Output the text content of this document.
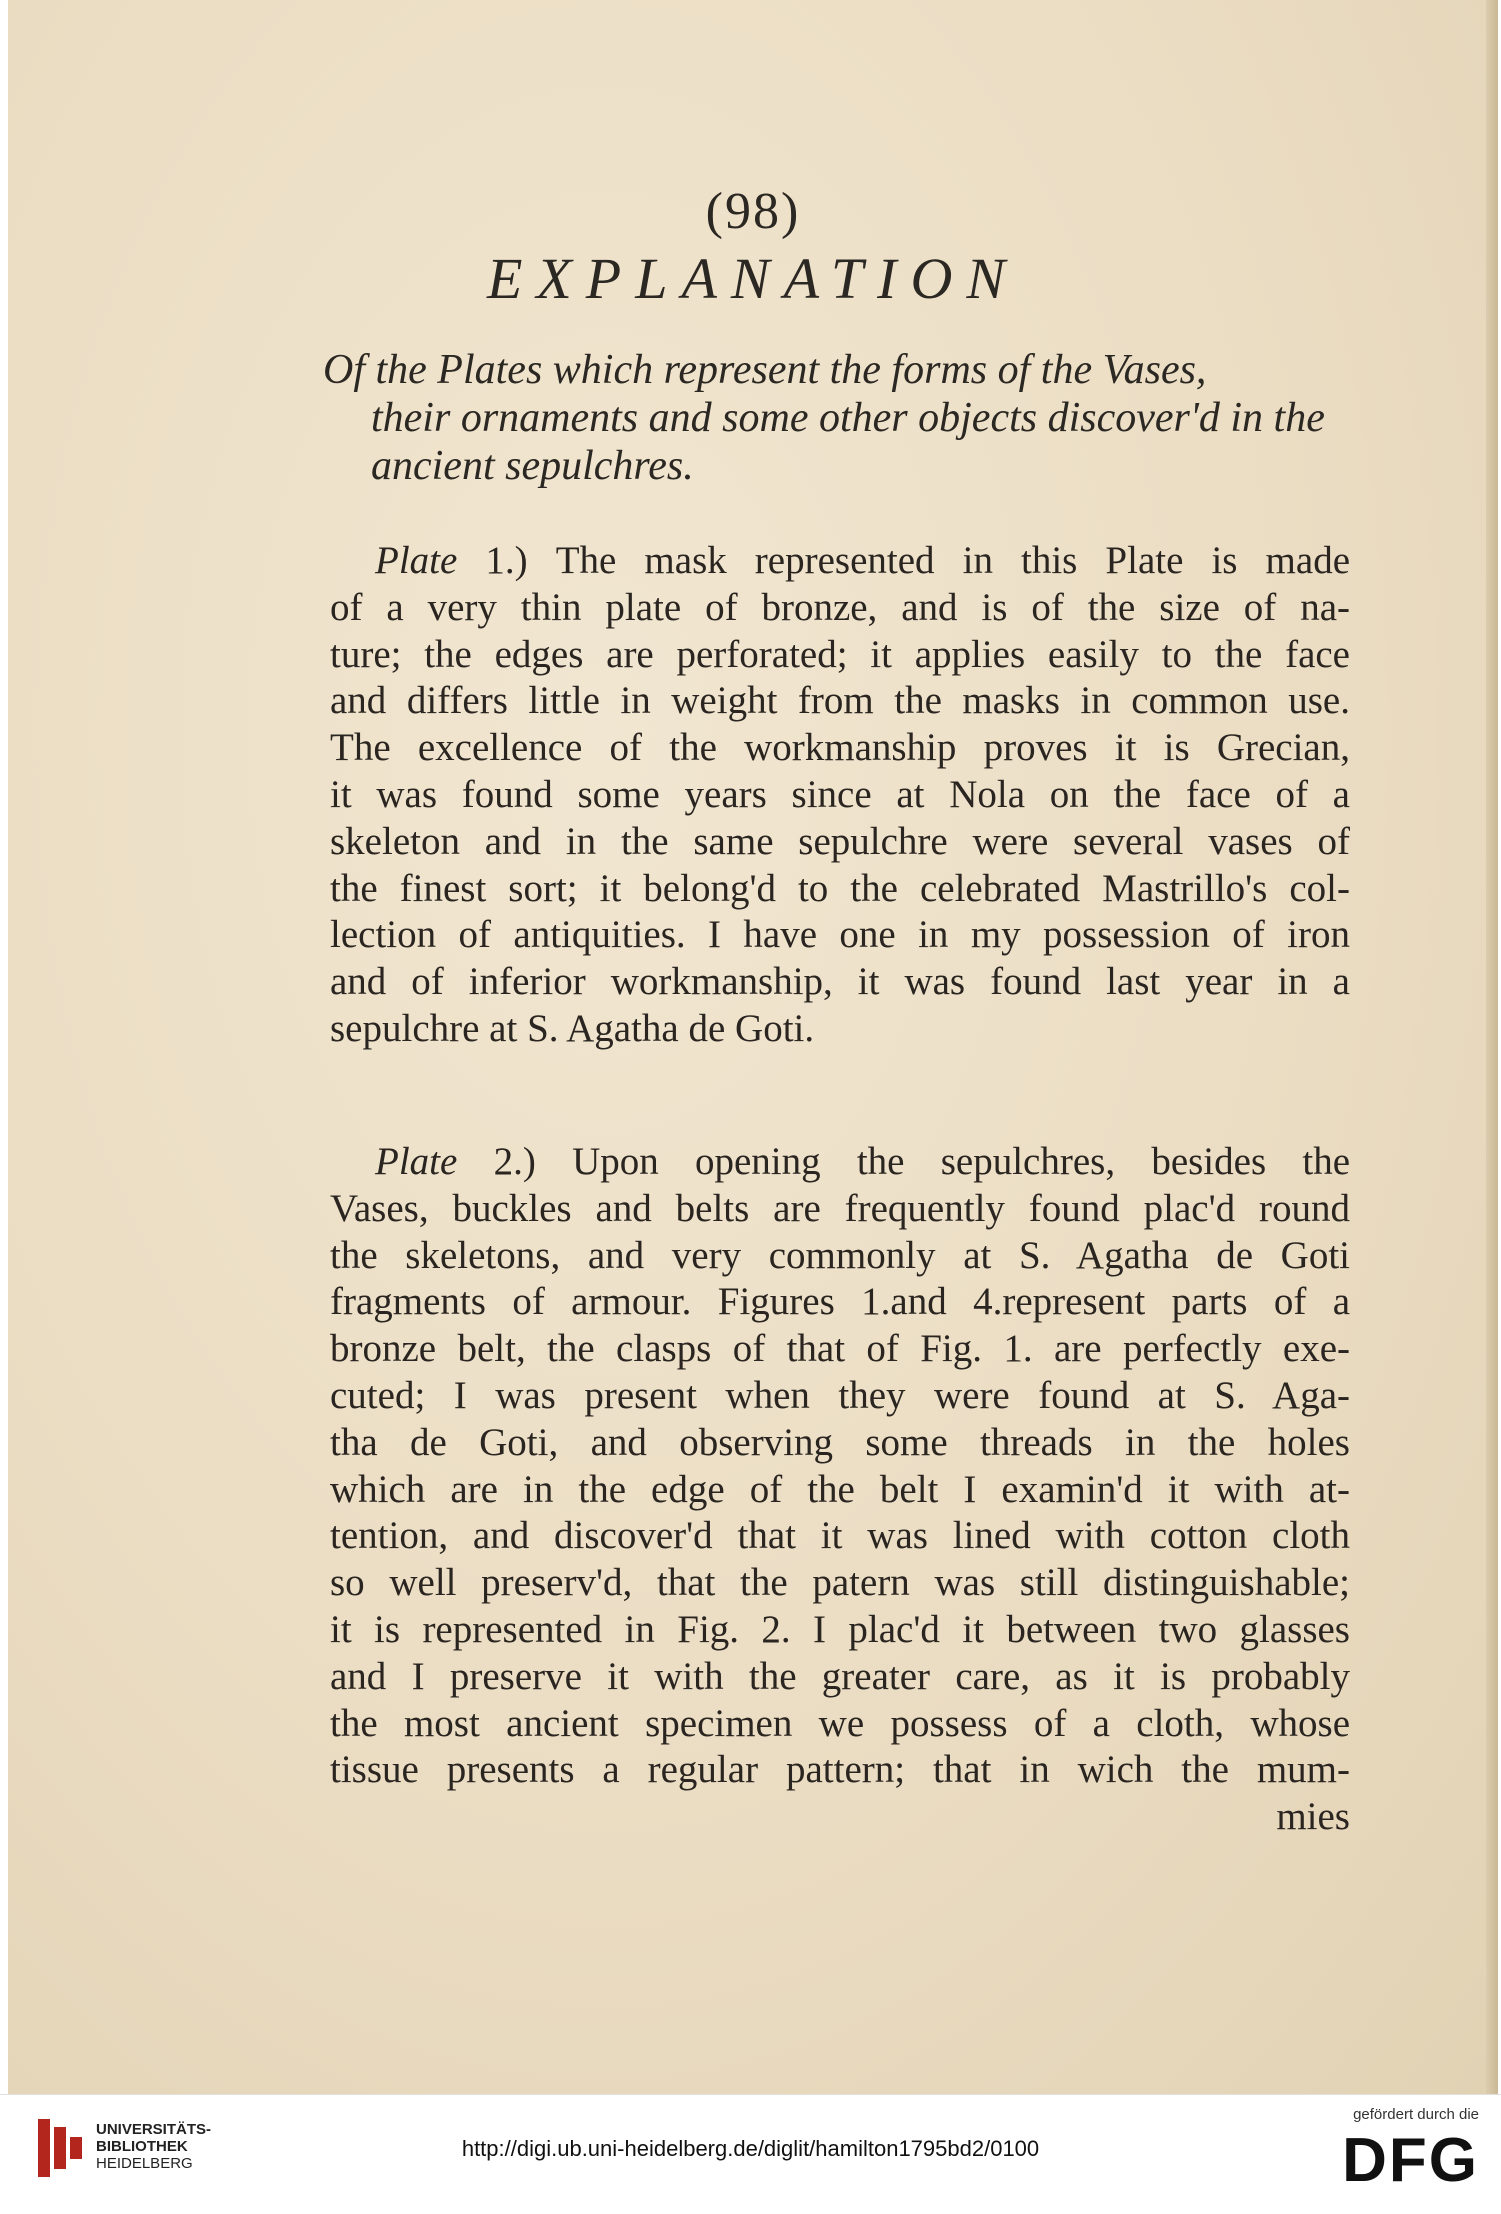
(98)
EXPLANATION
Of the Plates which represent the forms of the Vases,
their ornaments and some other objects discover'd in the
ancient sepulchres.
Plate 1.) The mask represented in this Plate is made
of a very thin plate of bronze, and is of the size of na-
ture; the edges are perforated; it applies easily to the face
and differs little in weight from the masks in common use.
The excellence of the workmanship proves it is Grecian,
it was found some years since at Nola on the face of a
skeleton and in the same sepulchre were several vases of
the finest sort; it belong'd to the celebrated Mastrillo's col-
lection of antiquities. I have one in my possession of iron
and of inferior workmanship, it was found last year in a
sepulchre at S. Agatha de Goti.
Plate 2.) Upon opening the sepulchres, besides the
Vases, buckles and belts are frequently found plac'd round
the skeletons, and very commonly at S. Agatha de Goti
fragments of armour. Figures 1.and 4.represent parts of a
bronze belt, the clasps of that of Fig. 1. are perfectly exe-
cuted; I was present when they were found at S. Aga-
tha de Goti, and observing some threads in the holes
which are in the edge of the belt I examin'd it with at-
tention, and discover'd that it was lined with cotton cloth
so well preserv'd, that the patern was still distinguishable;
it is represented in Fig. 2. I plac'd it between two glasses
and I preserve it with the greater care, as it is probably
the most ancient specimen we possess of a cloth, whose
tissue presents a regular pattern; that in wich the mum-
mies
UNIVERSITÄTS-
BIBLIOTHEK
HEIDELBERG
http://digi.ub.uni-heidelberg.de/diglit/hamilton1795bd2/0100
gefördert durch die
DFG
